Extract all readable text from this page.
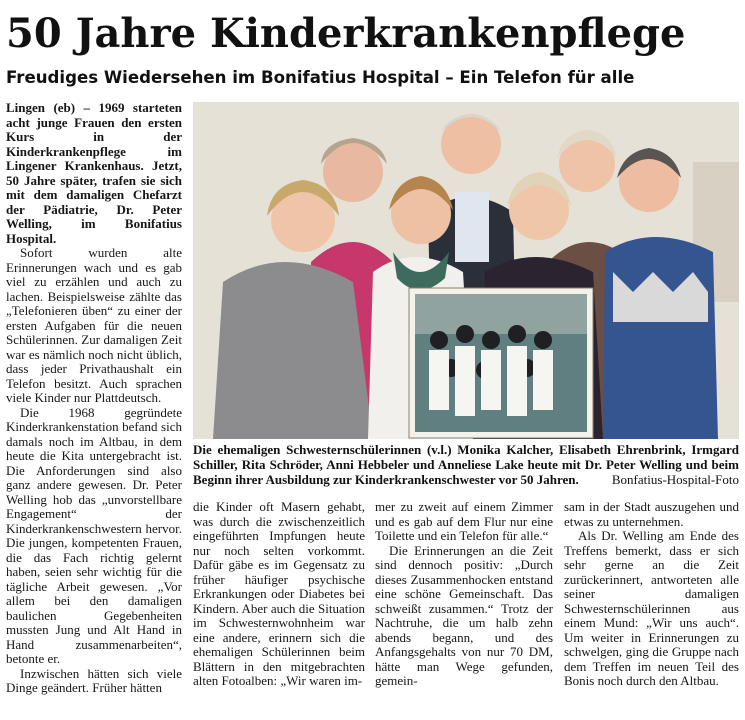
50 Jahre Kinderkrankenpflege
Freudiges Wiedersehen im Bonifatius Hospital – Ein Telefon für alle

Lingen (eb) – 1969 starteten acht junge Frauen den ersten Kurs in der Kinderkrankenpflege im Lingener Krankenhaus. Jetzt, 50 Jahre später, trafen sie sich mit dem damaligen Chefarzt der Pädiatrie, Dr. Peter Welling, im Bonifatius Hospital.

Sofort wurden alte Erinnerungen wach und es gab viel zu erzählen und auch zu lachen. Beispielsweise zählte das „Telefonieren üben“ zu einer der ersten Aufgaben für die neuen Schülerinnen. Zur damaligen Zeit war es nämlich noch nicht üblich, dass jeder Privathaushalt ein Telefon besitzt. Auch sprachen viele Kinder nur Plattdeutsch.

Die 1968 gegründete Kinderkrankenstation befand sich damals noch im Altbau, in dem heute die Kita untergebracht ist. Die Anforderungen sind also ganz andere gewesen. Dr. Peter Welling hob das „unvorstellbare Engagement“ der Kinderkrankenschwestern hervor. Die jungen, kompetenten Frauen, die das Fach richtig gelernt haben, seien sehr wichtig für die tägliche Arbeit gewesen. „Vor allem bei den damaligen baulichen Gegebenheiten mussten Jung und Alt Hand in Hand zusammenarbeiten“, betonte er.

Inzwischen hätten sich viele Dinge geändert. Früher hätten

Die ehemaligen Schwesternschülerinnen (v.l.) Monika Kalcher, Elisabeth Ehrenbrink, Irmgard Schiller, Rita Schröder, Anni Hebbeler und Anneliese Lake heute mit Dr. Peter Welling und beim Beginn ihrer Ausbildung zur Kinderkrankenschwester vor 50 Jahren.	Bonfatius-Hospital-Foto

die Kinder oft Masern gehabt, was durch die zwischenzeitlich eingeführten Impfungen heute nur noch selten vorkommt. Dafür gäbe es im Gegensatz zu früher häufiger psychische Erkrankungen oder Diabetes bei Kindern. Aber auch die Situation im Schwesternwohnheim war eine andere, erinnern sich die ehemaligen Schülerinnen beim Blättern in den mitgebrachten alten Fotoalben: „Wir waren im-

mer zu zweit auf einem Zimmer und es gab auf dem Flur nur eine Toilette und ein Telefon für alle.“

Die Erinnerungen an die Zeit sind dennoch positiv: „Durch dieses Zusammenhocken entstand eine schöne Gemeinschaft. Das schweißt zusammen.“ Trotz der Nachtruhe, die um halb zehn abends begann, und des Anfangsgehalts von nur 70 DM, hätte man Wege gefunden, gemein-

sam in der Stadt auszugehen und etwas zu unternehmen.

Als Dr. Welling am Ende des Treffens bemerkt, dass er sich sehr gerne an die Zeit zurückerinnert, antworteten alle seiner damaligen Schwesternschülerinnen aus einem Mund: „Wir uns auch“. Um weiter in Erinnerungen zu schwelgen, ging die Gruppe nach dem Treffen im neuen Teil des Bonis noch durch den Altbau.
